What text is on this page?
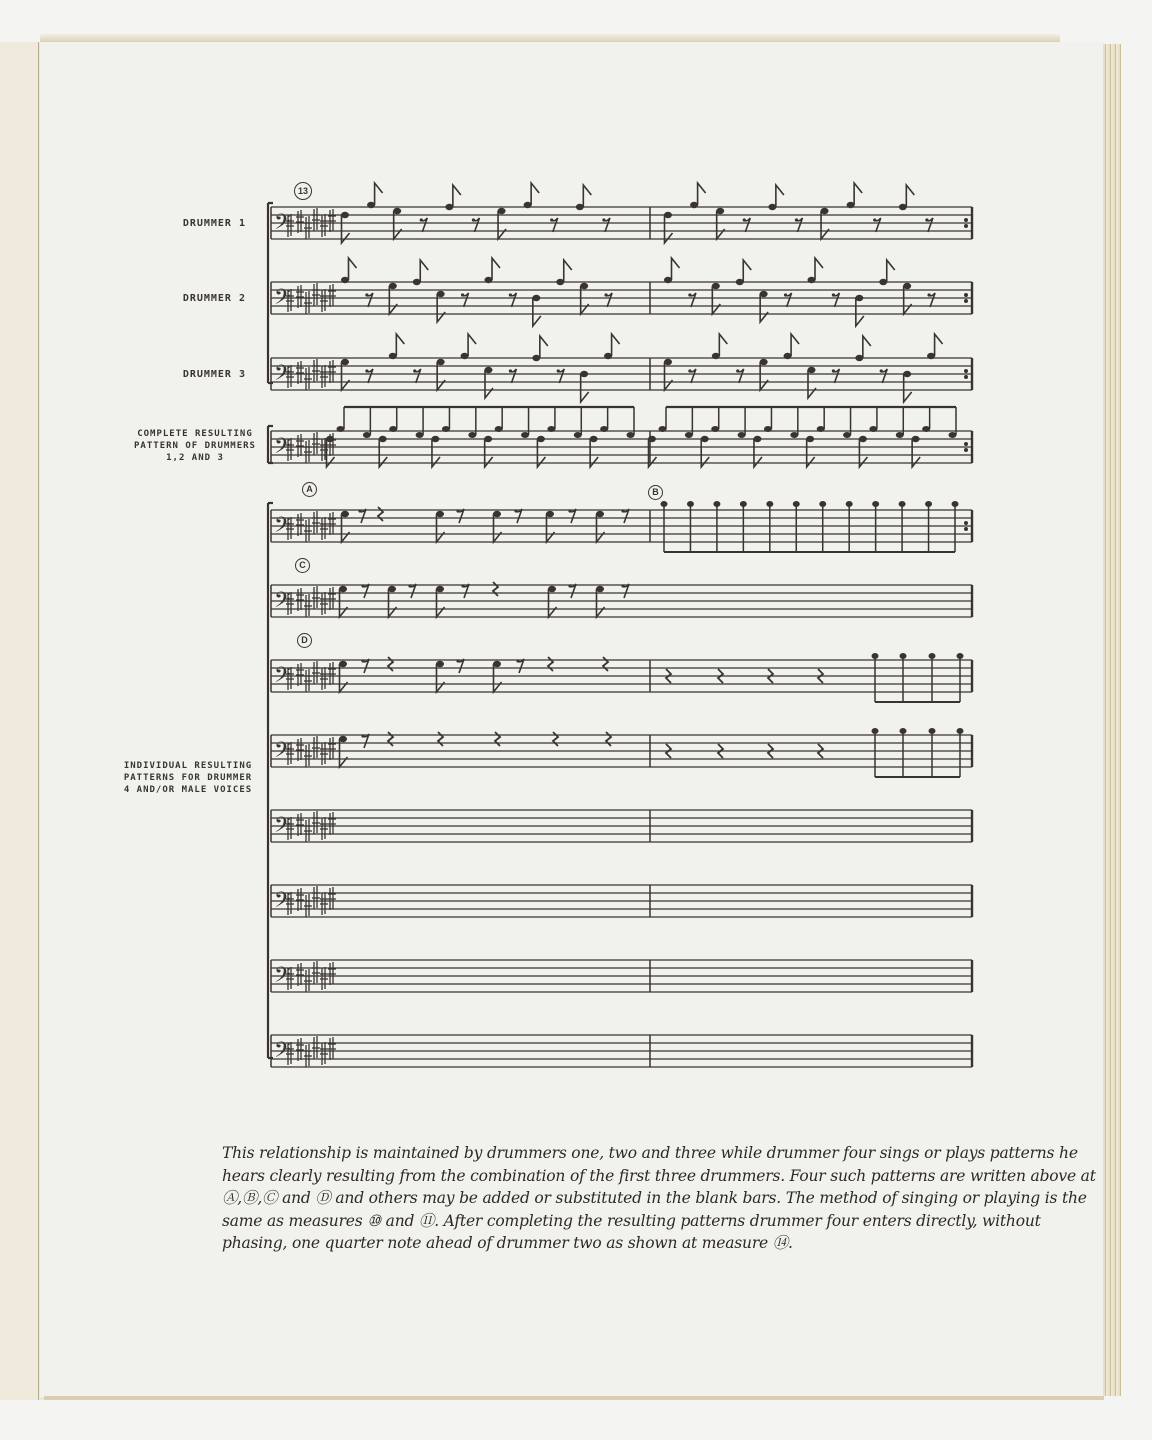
DRUMMER 1
DRUMMER 2
DRUMMER 3
COMPLETE RESULTING
PATTERN OF DRUMMERS
1,2 AND 3
INDIVIDUAL RESULTING
PATTERNS FOR DRUMMER
4 AND/OR MALE VOICES
13
A	B
C
D
𝄢
This relationship is maintained by drummers one, two and three while drummer four sings or plays patterns he
hears clearly resulting from the combination of the first three drummers. Four such patterns are written above at
Ⓐ,Ⓑ,Ⓒ and Ⓓ and others may be added or substituted in the blank bars. The method of singing or playing is the
same as measures ⑩ and ⑪. After completing the resulting patterns drummer four enters directly, without
phasing, one quarter note ahead of drummer two as shown at measure ⑭.
